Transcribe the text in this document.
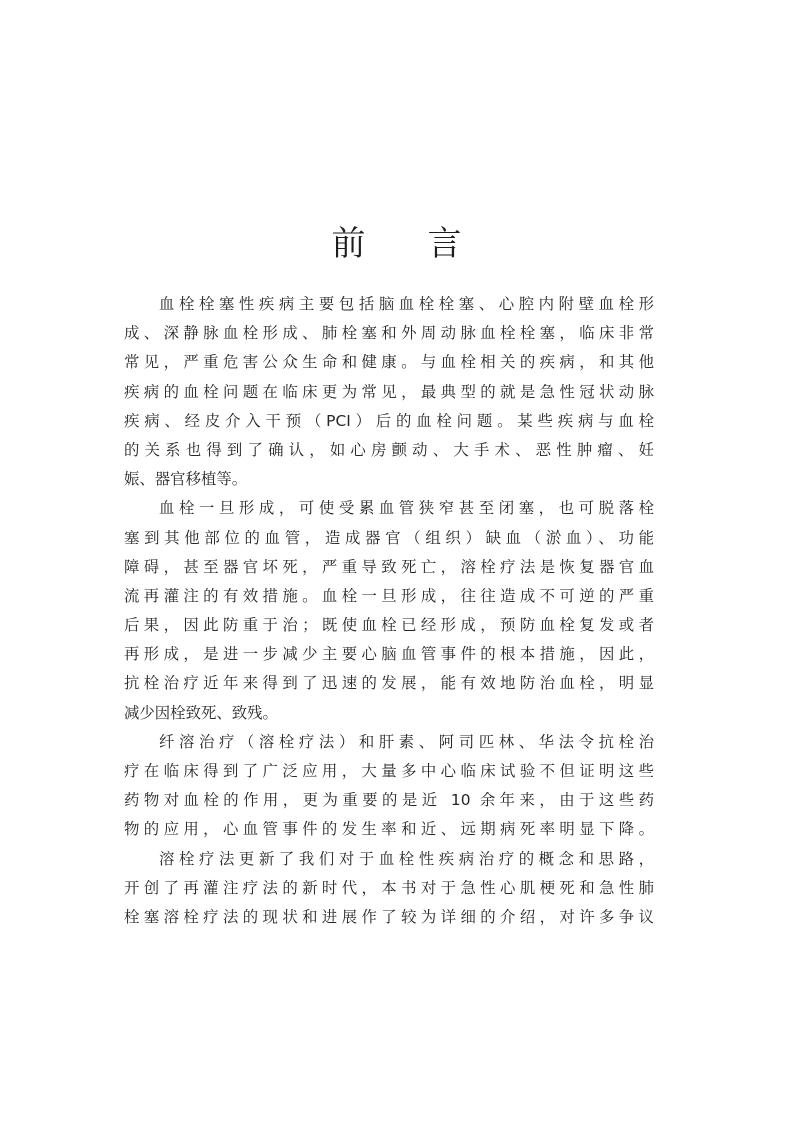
前 言
血栓栓塞性疾病主要包括脑血栓栓塞、心腔内附壁血栓形
成、深静脉血栓形成、肺栓塞和外周动脉血栓栓塞，临床非常
常见，严重危害公众生命和健康。与血栓相关的疾病，和其他
疾病的血栓问题在临床更为常见，最典型的就是急性冠状动脉
疾病、经皮介入干预（PCI）后的血栓问题。某些疾病与血栓
的关系也得到了确认，如心房颤动、大手术、恶性肿瘤、妊
娠、器官移植等。
血栓一旦形成，可使受累血管狭窄甚至闭塞，也可脱落栓
塞到其他部位的血管，造成器官（组织）缺血（淤血）、功能
障碍，甚至器官坏死，严重导致死亡，溶栓疗法是恢复器官血
流再灌注的有效措施。血栓一旦形成，往往造成不可逆的严重
后果，因此防重于治；既使血栓已经形成，预防血栓复发或者
再形成，是进一步减少主要心脑血管事件的根本措施，因此，
抗栓治疗近年来得到了迅速的发展，能有效地防治血栓，明显
减少因栓致死、致残。
纤溶治疗（溶栓疗法）和肝素、阿司匹林、华法令抗栓治
疗在临床得到了广泛应用，大量多中心临床试验不但证明这些
药物对血栓的作用，更为重要的是近 10 余年来，由于这些药
物的应用，心血管事件的发生率和近、远期病死率明显下降。
溶栓疗法更新了我们对于血栓性疾病治疗的概念和思路，
开创了再灌注疗法的新时代，本书对于急性心肌梗死和急性肺
栓塞溶栓疗法的现状和进展作了较为详细的介绍，对许多争议
